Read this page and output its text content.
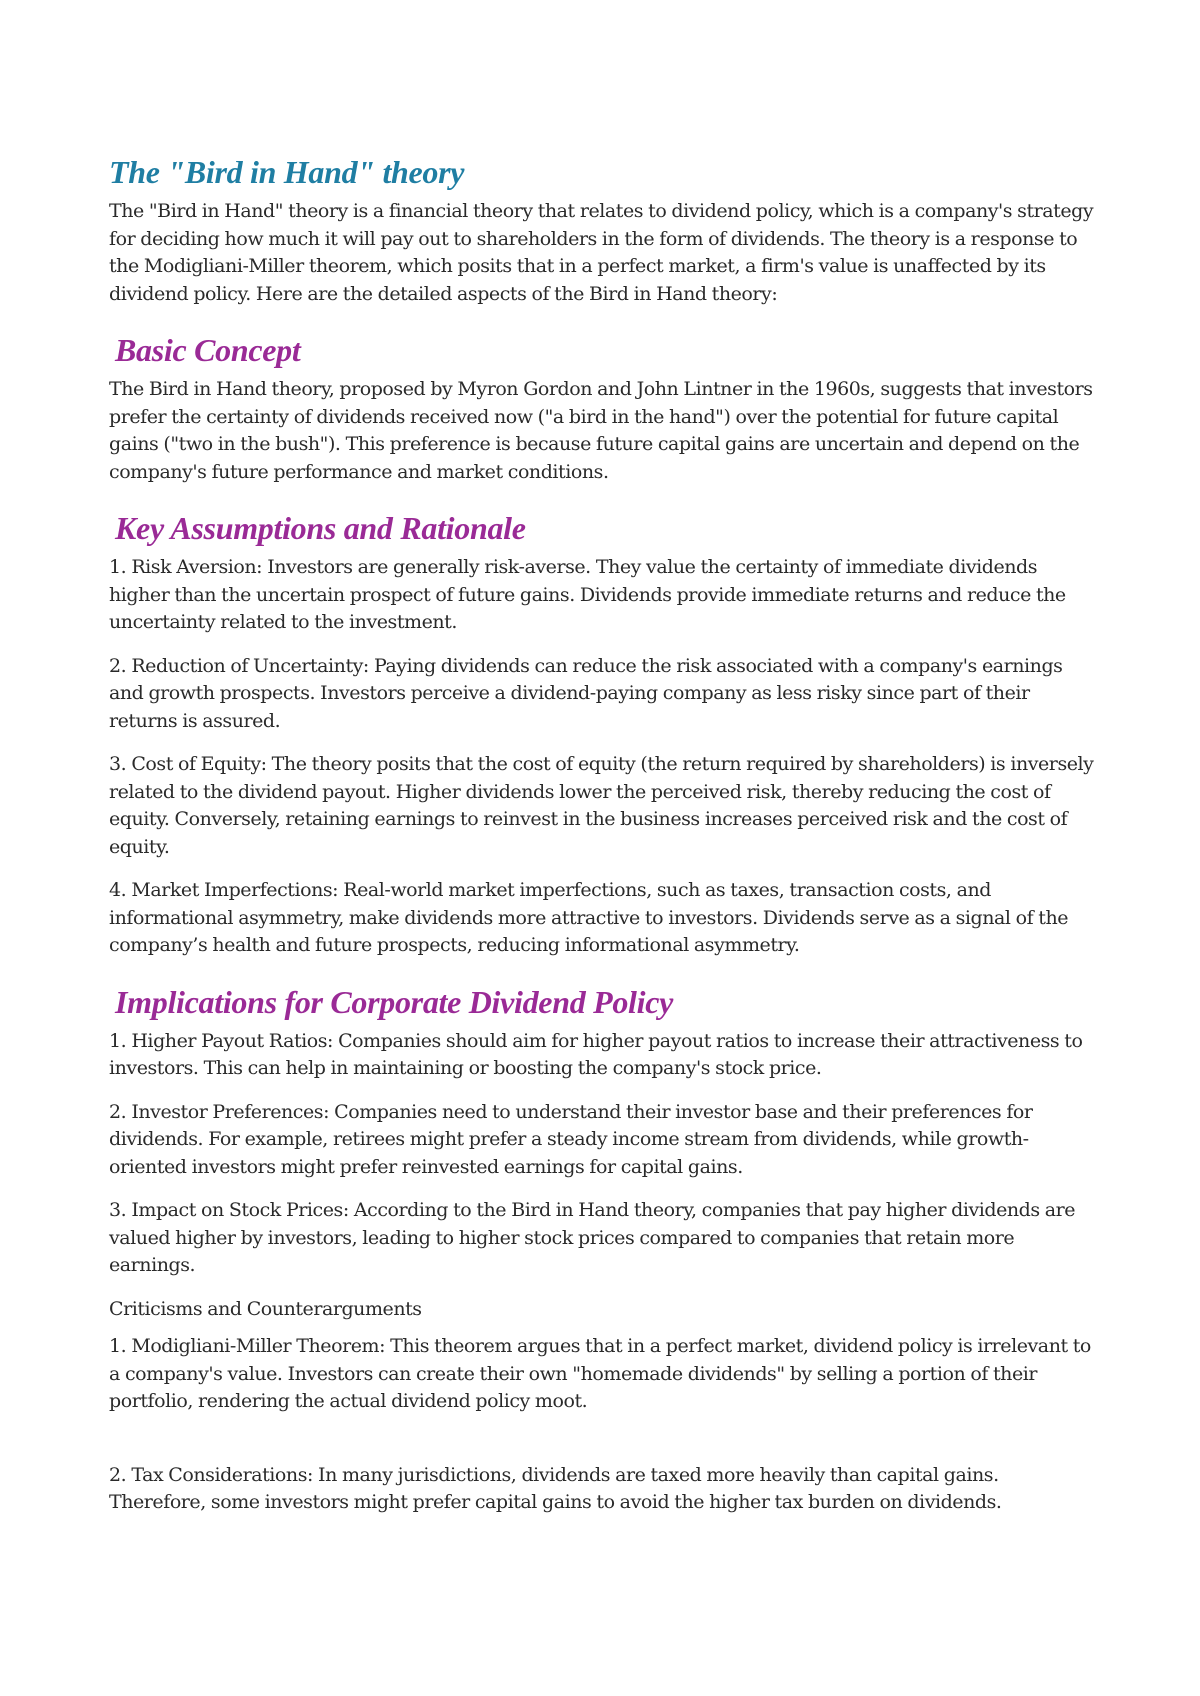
The "Bird in Hand" theory

The "Bird in Hand" theory is a financial theory that relates to dividend policy, which is a company's strategy for deciding how much it will pay out to shareholders in the form of dividends. The theory is a response to the Modigliani-Miller theorem, which posits that in a perfect market, a firm's value is unaffected by its dividend policy. Here are the detailed aspects of the Bird in Hand theory:

Basic Concept

The Bird in Hand theory, proposed by Myron Gordon and John Lintner in the 1960s, suggests that investors prefer the certainty of dividends received now ("a bird in the hand") over the potential for future capital gains ("two in the bush"). This preference is because future capital gains are uncertain and depend on the company's future performance and market conditions.

Key Assumptions and Rationale

1. Risk Aversion: Investors are generally risk-averse. They value the certainty of immediate dividends higher than the uncertain prospect of future gains. Dividends provide immediate returns and reduce the uncertainty related to the investment.

2. Reduction of Uncertainty: Paying dividends can reduce the risk associated with a company's earnings and growth prospects. Investors perceive a dividend-paying company as less risky since part of their returns is assured.

3. Cost of Equity: The theory posits that the cost of equity (the return required by shareholders) is inversely related to the dividend payout. Higher dividends lower the perceived risk, thereby reducing the cost of equity. Conversely, retaining earnings to reinvest in the business increases perceived risk and the cost of equity.

4. Market Imperfections: Real-world market imperfections, such as taxes, transaction costs, and informational asymmetry, make dividends more attractive to investors. Dividends serve as a signal of the company’s health and future prospects, reducing informational asymmetry.

Implications for Corporate Dividend Policy

1. Higher Payout Ratios: Companies should aim for higher payout ratios to increase their attractiveness to investors. This can help in maintaining or boosting the company's stock price.

2. Investor Preferences: Companies need to understand their investor base and their preferences for dividends. For example, retirees might prefer a steady income stream from dividends, while growth-oriented investors might prefer reinvested earnings for capital gains.

3. Impact on Stock Prices: According to the Bird in Hand theory, companies that pay higher dividends are valued higher by investors, leading to higher stock prices compared to companies that retain more earnings.

Criticisms and Counterarguments

1. Modigliani-Miller Theorem: This theorem argues that in a perfect market, dividend policy is irrelevant to a company's value. Investors can create their own "homemade dividends" by selling a portion of their portfolio, rendering the actual dividend policy moot.

2. Tax Considerations: In many jurisdictions, dividends are taxed more heavily than capital gains. Therefore, some investors might prefer capital gains to avoid the higher tax burden on dividends.
